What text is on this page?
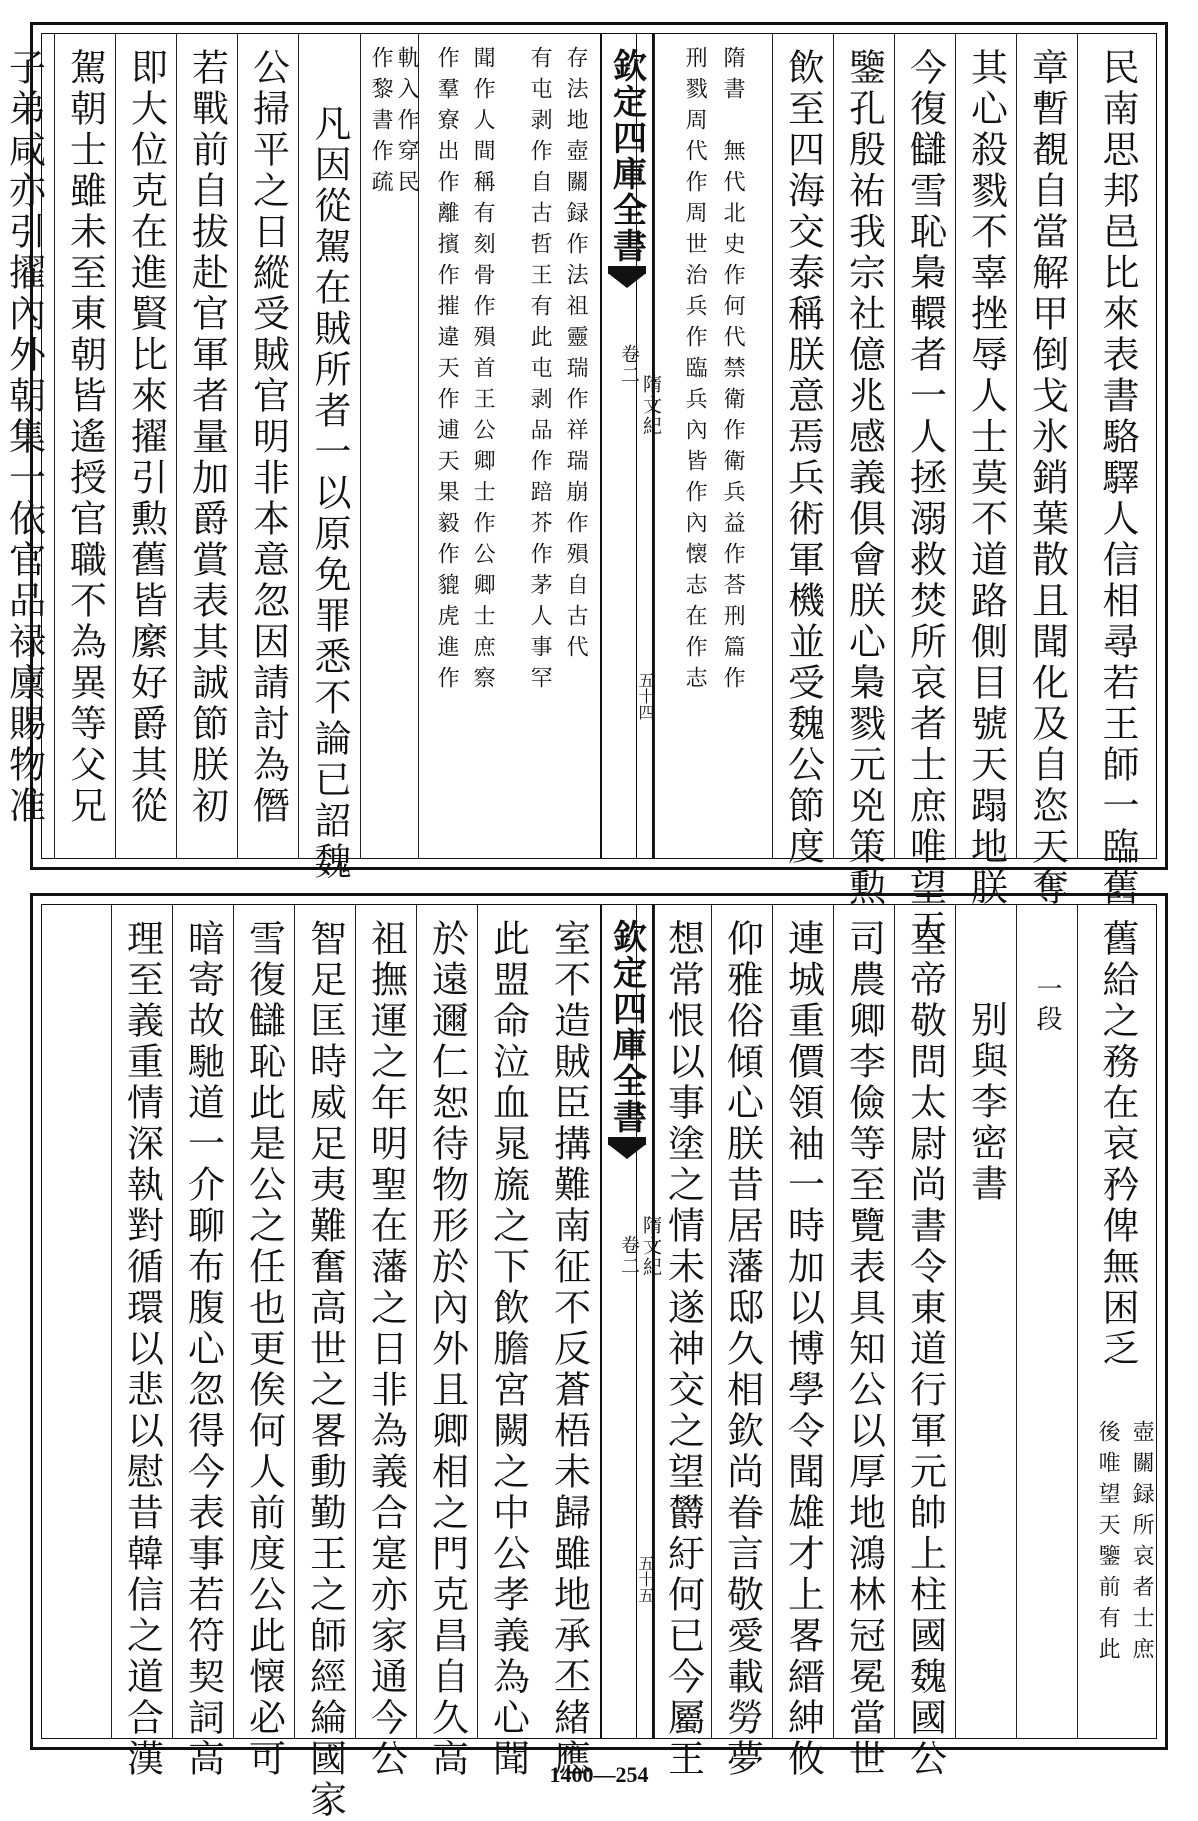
民南思邦邑比來表書駱驛人信相尋若王師一臨舊
章暫覩自當解甲倒戈氷銷葉散且聞化及自恣天奪
其心殺戮不辜挫辱人士莫不道路側目號天蹋地朕
今復讎雪恥梟轘者一人拯溺救焚所哀者士庶唯望天
鑒孔殷祐我宗社億兆感義俱會朕心梟戮元兇策勲
飲至四海交泰稱朕意焉兵術軍機並受魏公節度
隋書　無代北史作何代禁衛作衛兵益作荅刑篇作
刑戮周代作周世治兵作臨兵內皆作內懐志在作志
欽定四庫全書
隋文紀
卷二
五十四
存法地壺關録作法祖靈瑞作祥瑞崩作殞自古代
有屯剥作自古哲王有此屯剥品作踣芥作茅人事罕
聞作人間稱有刻骨作殞首王公卿士作公卿士庶察
作羣寮出作離擯作摧違天作逋天果毅作貔虎進作
軌入作穿民
作黎書作疏
凡因從駕在賊所者一以原免罪悉不論已詔魏
公掃平之日縱受賊官明非本意忽因請討為僭
若戰前自拔赴官軍者量加爵賞表其誠節朕初
即大位克在進賢比來擢引勲舊皆縻好爵其從
駕朝士雖未至東朝皆遙授官職不為異等父兄
子弟咸亦引擢內外朝集一依官品禄廪賜物准
舊給之務在哀矜俾無困乏
壺關録所哀者士庶
後唯望天鑒前有此
一段
别與李密書
皇帝敬問太尉尚書令東道行軍元帥上柱國魏國公
司農卿李儉等至覽表具知公以厚地鴻林冠冕當世
連城重價領袖一時加以博學令聞雄才上畧縉紳攸
仰雅俗傾心朕昔居藩邸久相欽尚眷言敬愛載勞夢
想常恨以事塗之情未遂神交之望欝紆何已今屬王
欽定四庫全書
隋文紀
卷二
五十五
室不造賊臣搆難南征不反蒼梧未歸雖地承丕緒應
此盟命泣血晁旒之下飲膽宮闕之中公孝義為心聞
於遠邇仁恕待物形於內外且卿相之門克昌自久高
祖撫運之年明聖在藩之日非為義合寔亦家通今公
智足匡時威足夷難奮高世之畧動勤王之師經綸國家
雪復讎恥此是公之任也更俟何人前度公此懐必可
暗寄故馳道一介聊布腹心忽得今表事若符契詞高
理至義重情深執對循環以悲以慰昔韓信之道合漢	1400—254
